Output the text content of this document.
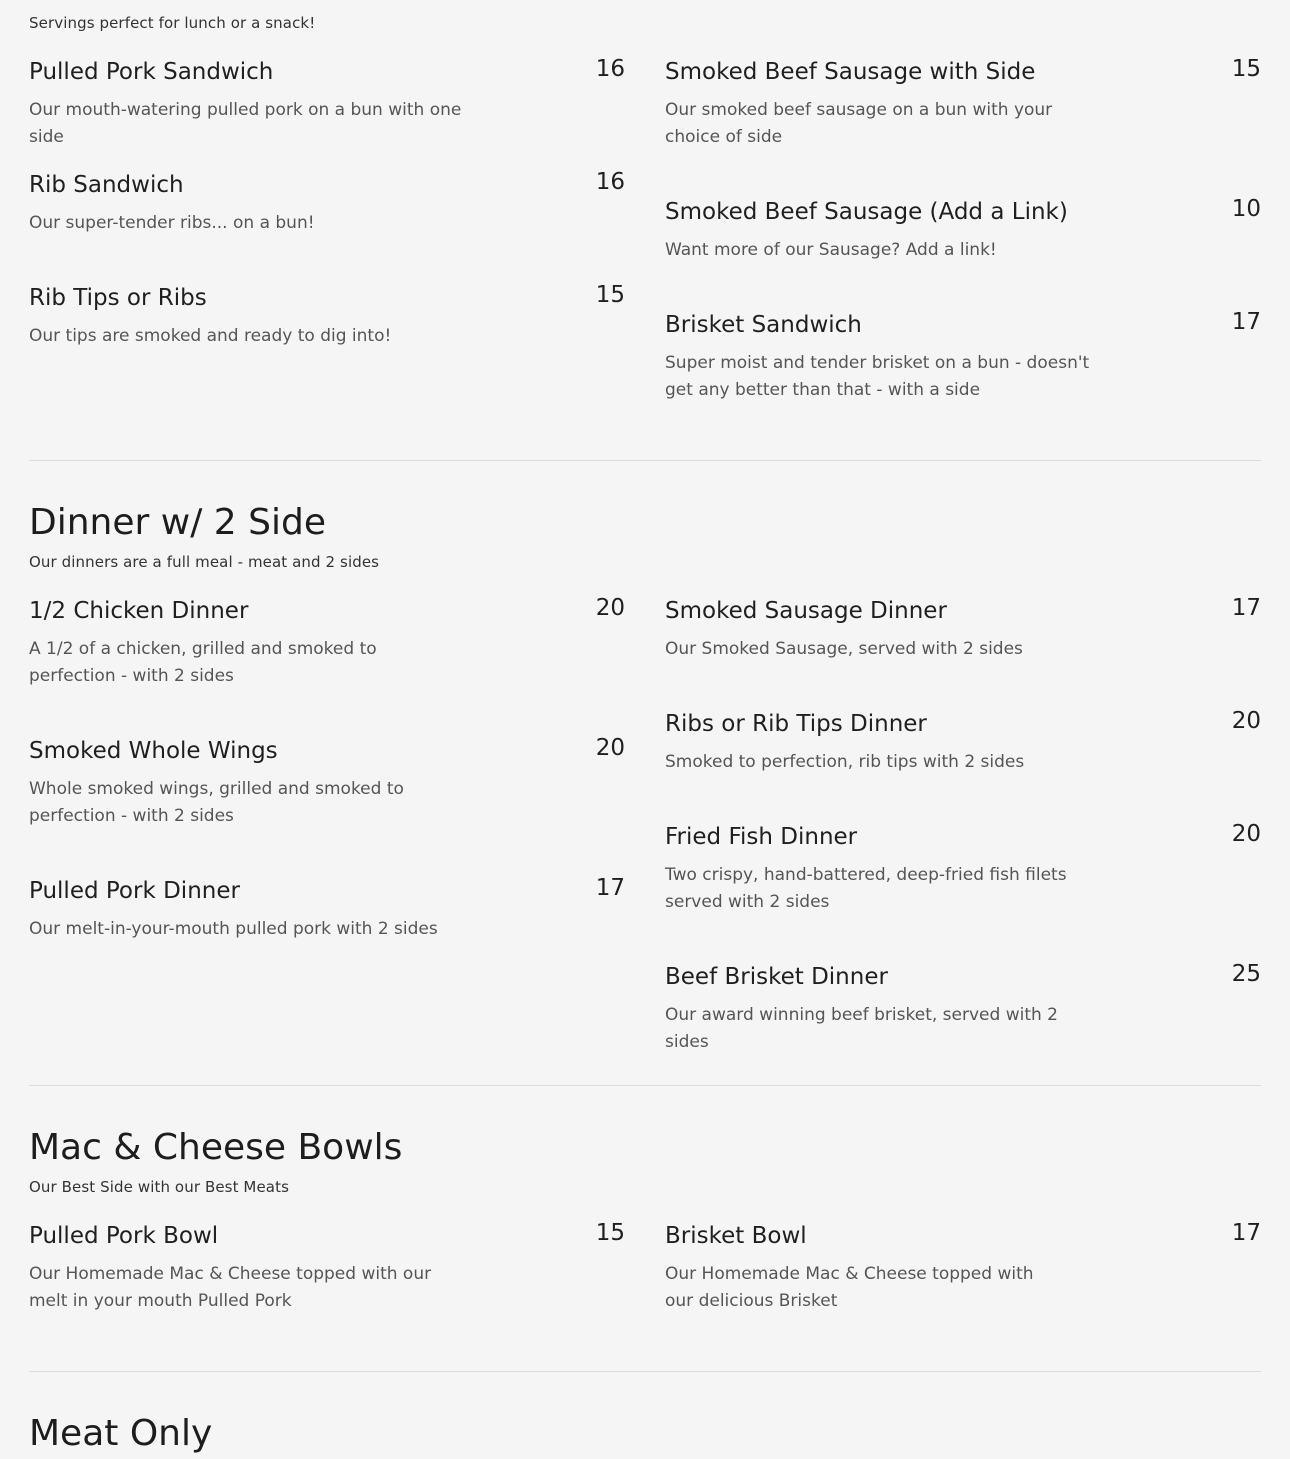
Servings perfect for lunch or a snack!
Pulled Pork Sandwich	16
Our mouth-watering pulled pork on a bun with one side
Rib Sandwich	16
Our super-tender ribs... on a bun!
Rib Tips or Ribs	15
Our tips are smoked and ready to dig into!
Smoked Beef Sausage with Side	15
Our smoked beef sausage on a bun with your choice of side
Smoked Beef Sausage (Add a Link)	10
Want more of our Sausage? Add a link!
Brisket Sandwich	17
Super moist and tender brisket on a bun - doesn't get any better than that - with a side
Dinner w/ 2 Side
Our dinners are a full meal - meat and 2 sides
1/2 Chicken Dinner	20
A 1/2 of a chicken, grilled and smoked to perfection - with 2 sides
Smoked Whole Wings	20
Whole smoked wings, grilled and smoked to perfection - with 2 sides
Pulled Pork Dinner	17
Our melt-in-your-mouth pulled pork with 2 sides
Smoked Sausage Dinner	17
Our Smoked Sausage, served with 2 sides
Ribs or Rib Tips Dinner	20
Smoked to perfection, rib tips with 2 sides
Fried Fish Dinner	20
Two crispy, hand-battered, deep-fried fish filets served with 2 sides
Beef Brisket Dinner	25
Our award winning beef brisket, served with 2 sides
Mac & Cheese Bowls
Our Best Side with our Best Meats
Pulled Pork Bowl	15
Our Homemade Mac & Cheese topped with our melt in your mouth Pulled Pork
Brisket Bowl	17
Our Homemade Mac & Cheese topped with our delicious Brisket
Meat Only
